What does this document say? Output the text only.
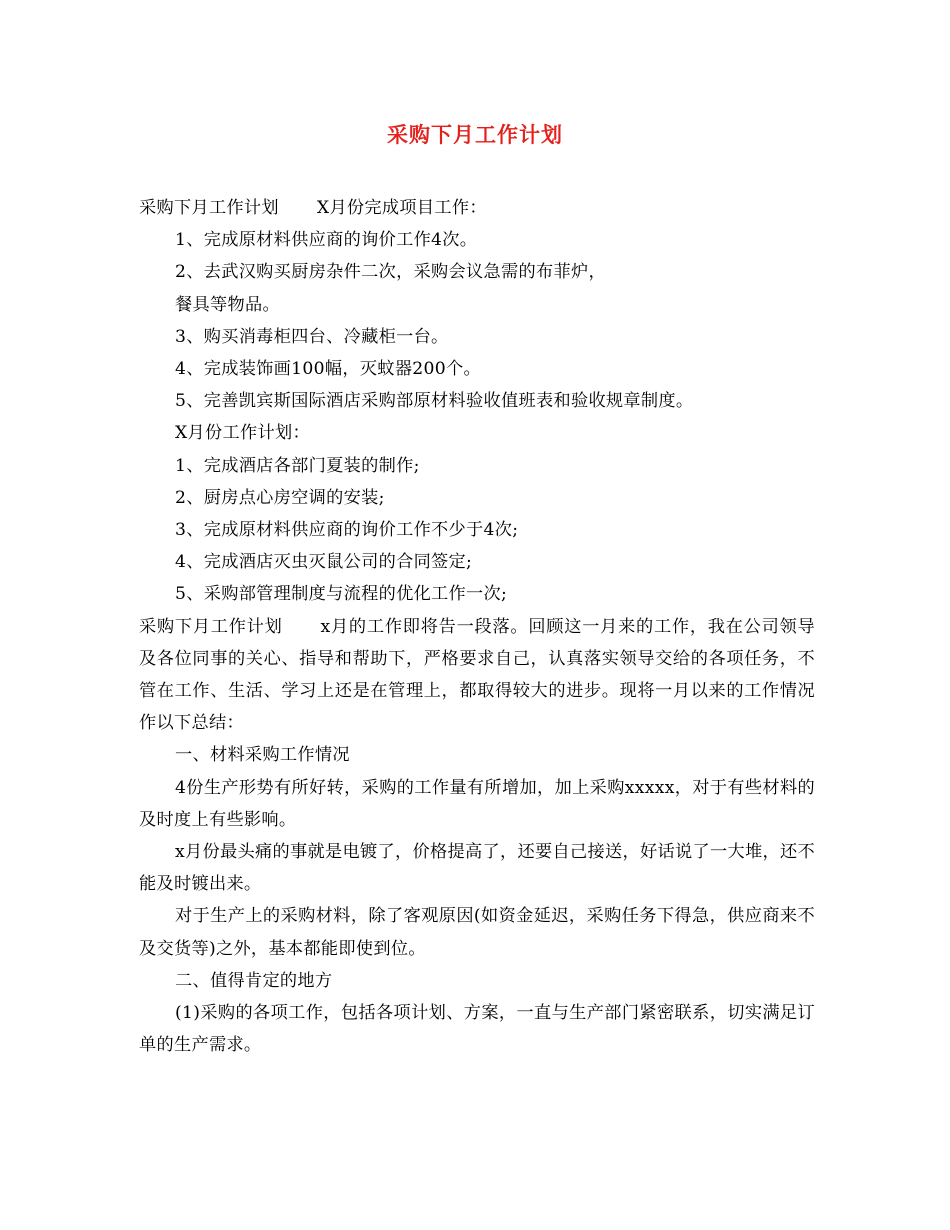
采购下月工作计划

采购下月工作计划 X月份完成项目工作：

1、完成原材料供应商的询价工作4次。

2、去武汉购买厨房杂件二次，采购会议急需的布菲炉，

餐具等物品。

3、购买消毒柜四台、冷藏柜一台。

4、完成装饰画100幅，灭蚊器200个。

5、完善凯宾斯国际酒店采购部原材料验收值班表和验收规章制度。

X月份工作计划：

1、完成酒店各部门夏装的制作;

2、厨房点心房空调的安装;

3、完成原材料供应商的询价工作不少于4次;

4、完成酒店灭虫灭鼠公司的合同签定;

5、采购部管理制度与流程的优化工作一次;

采购下月工作计划 x月的工作即将告一段落。回顾这一月来的工作，我在公司领导及各位同事的关心、指导和帮助下，严格要求自己，认真落实领导交给的各项任务，不管在工作、生活、学习上还是在管理上，都取得较大的进步。现将一月以来的工作情况作以下总结：

一、材料采购工作情况

4份生产形势有所好转，采购的工作量有所增加，加上采购xxxxx，对于有些材料的及时度上有些影响。

x月份最头痛的事就是电镀了，价格提高了，还要自己接送，好话说了一大堆，还不能及时镀出来。

对于生产上的采购材料，除了客观原因(如资金延迟，采购任务下得急，供应商来不及交货等)之外，基本都能即使到位。

二、值得肯定的地方

(1)采购的各项工作，包括各项计划、方案，一直与生产部门紧密联系，切实满足订单的生产需求。
